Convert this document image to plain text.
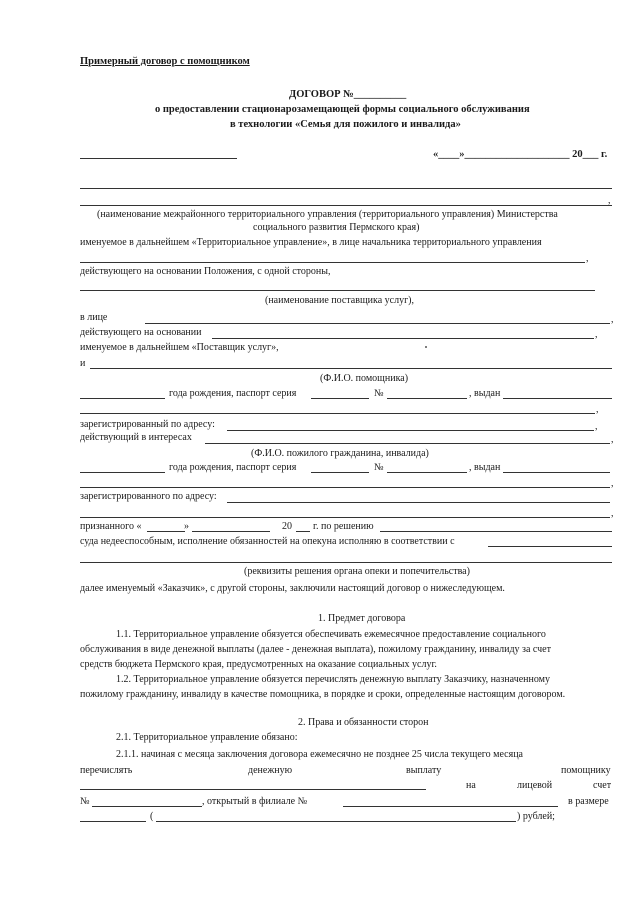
Примерный договор с помощником
ДОГОВОР №__________
о предоставлении стационарозамещающей формы социального обслуживания
в технологии «Семья для пожилого и инвалида»
«____»____________________ 20___ г.
,
(наименование межрайонного территориального управления (территориального управления) Министерства
социального развития Пермского края)
именуемое в дальнейшем «Территориальное управление», в лице начальника территориального управления
,
действующего на основании Положения, с одной стороны,
(наименование поставщика услуг),
в лице	,
действующего на основании	,
именуемое в дальнейшем «Поставщик услуг»,
и
(Ф.И.О. помощника)
года рождения, паспорт серия	№	, выдан
,
зарегистрированный по адресу:	,
действующий в интересах	,
(Ф.И.О. пожилого гражданина, инвалида)
года рождения, паспорт серия	№	, выдан
,
зарегистрированного по адресу:
,
признанного «	»	20 г. по решению
суда недееспособным, исполнение обязанностей на опекуна исполняю в соответствии с
(реквизиты решения органа опеки и попечительства)
далее именуемый «Заказчик», с другой стороны, заключили настоящий договор о нижеследующем.
1. Предмет договора
1.1. Территориальное управление обязуется обеспечивать ежемесячное предоставление социального
обслуживания в виде денежной выплаты (далее - денежная выплата), пожилому гражданину, инвалиду за счет
средств бюджета Пермского края, предусмотренных на оказание социальных услуг.
1.2. Территориальное управление обязуется перечислять денежную выплату Заказчику, назначенному
пожилому гражданину, инвалиду в качестве помощника, в порядке и сроки, определенные настоящим договором.
2. Права и обязанности сторон
2.1. Территориальное управление обязано:
2.1.1. начиная с месяца заключения договора ежемесячно не позднее 25 числа текущего месяца
перечислять	денежную	выплату	помощнику
на	лицевой	счет
№	, открытый в филиале №	в размере
(	) рублей;
